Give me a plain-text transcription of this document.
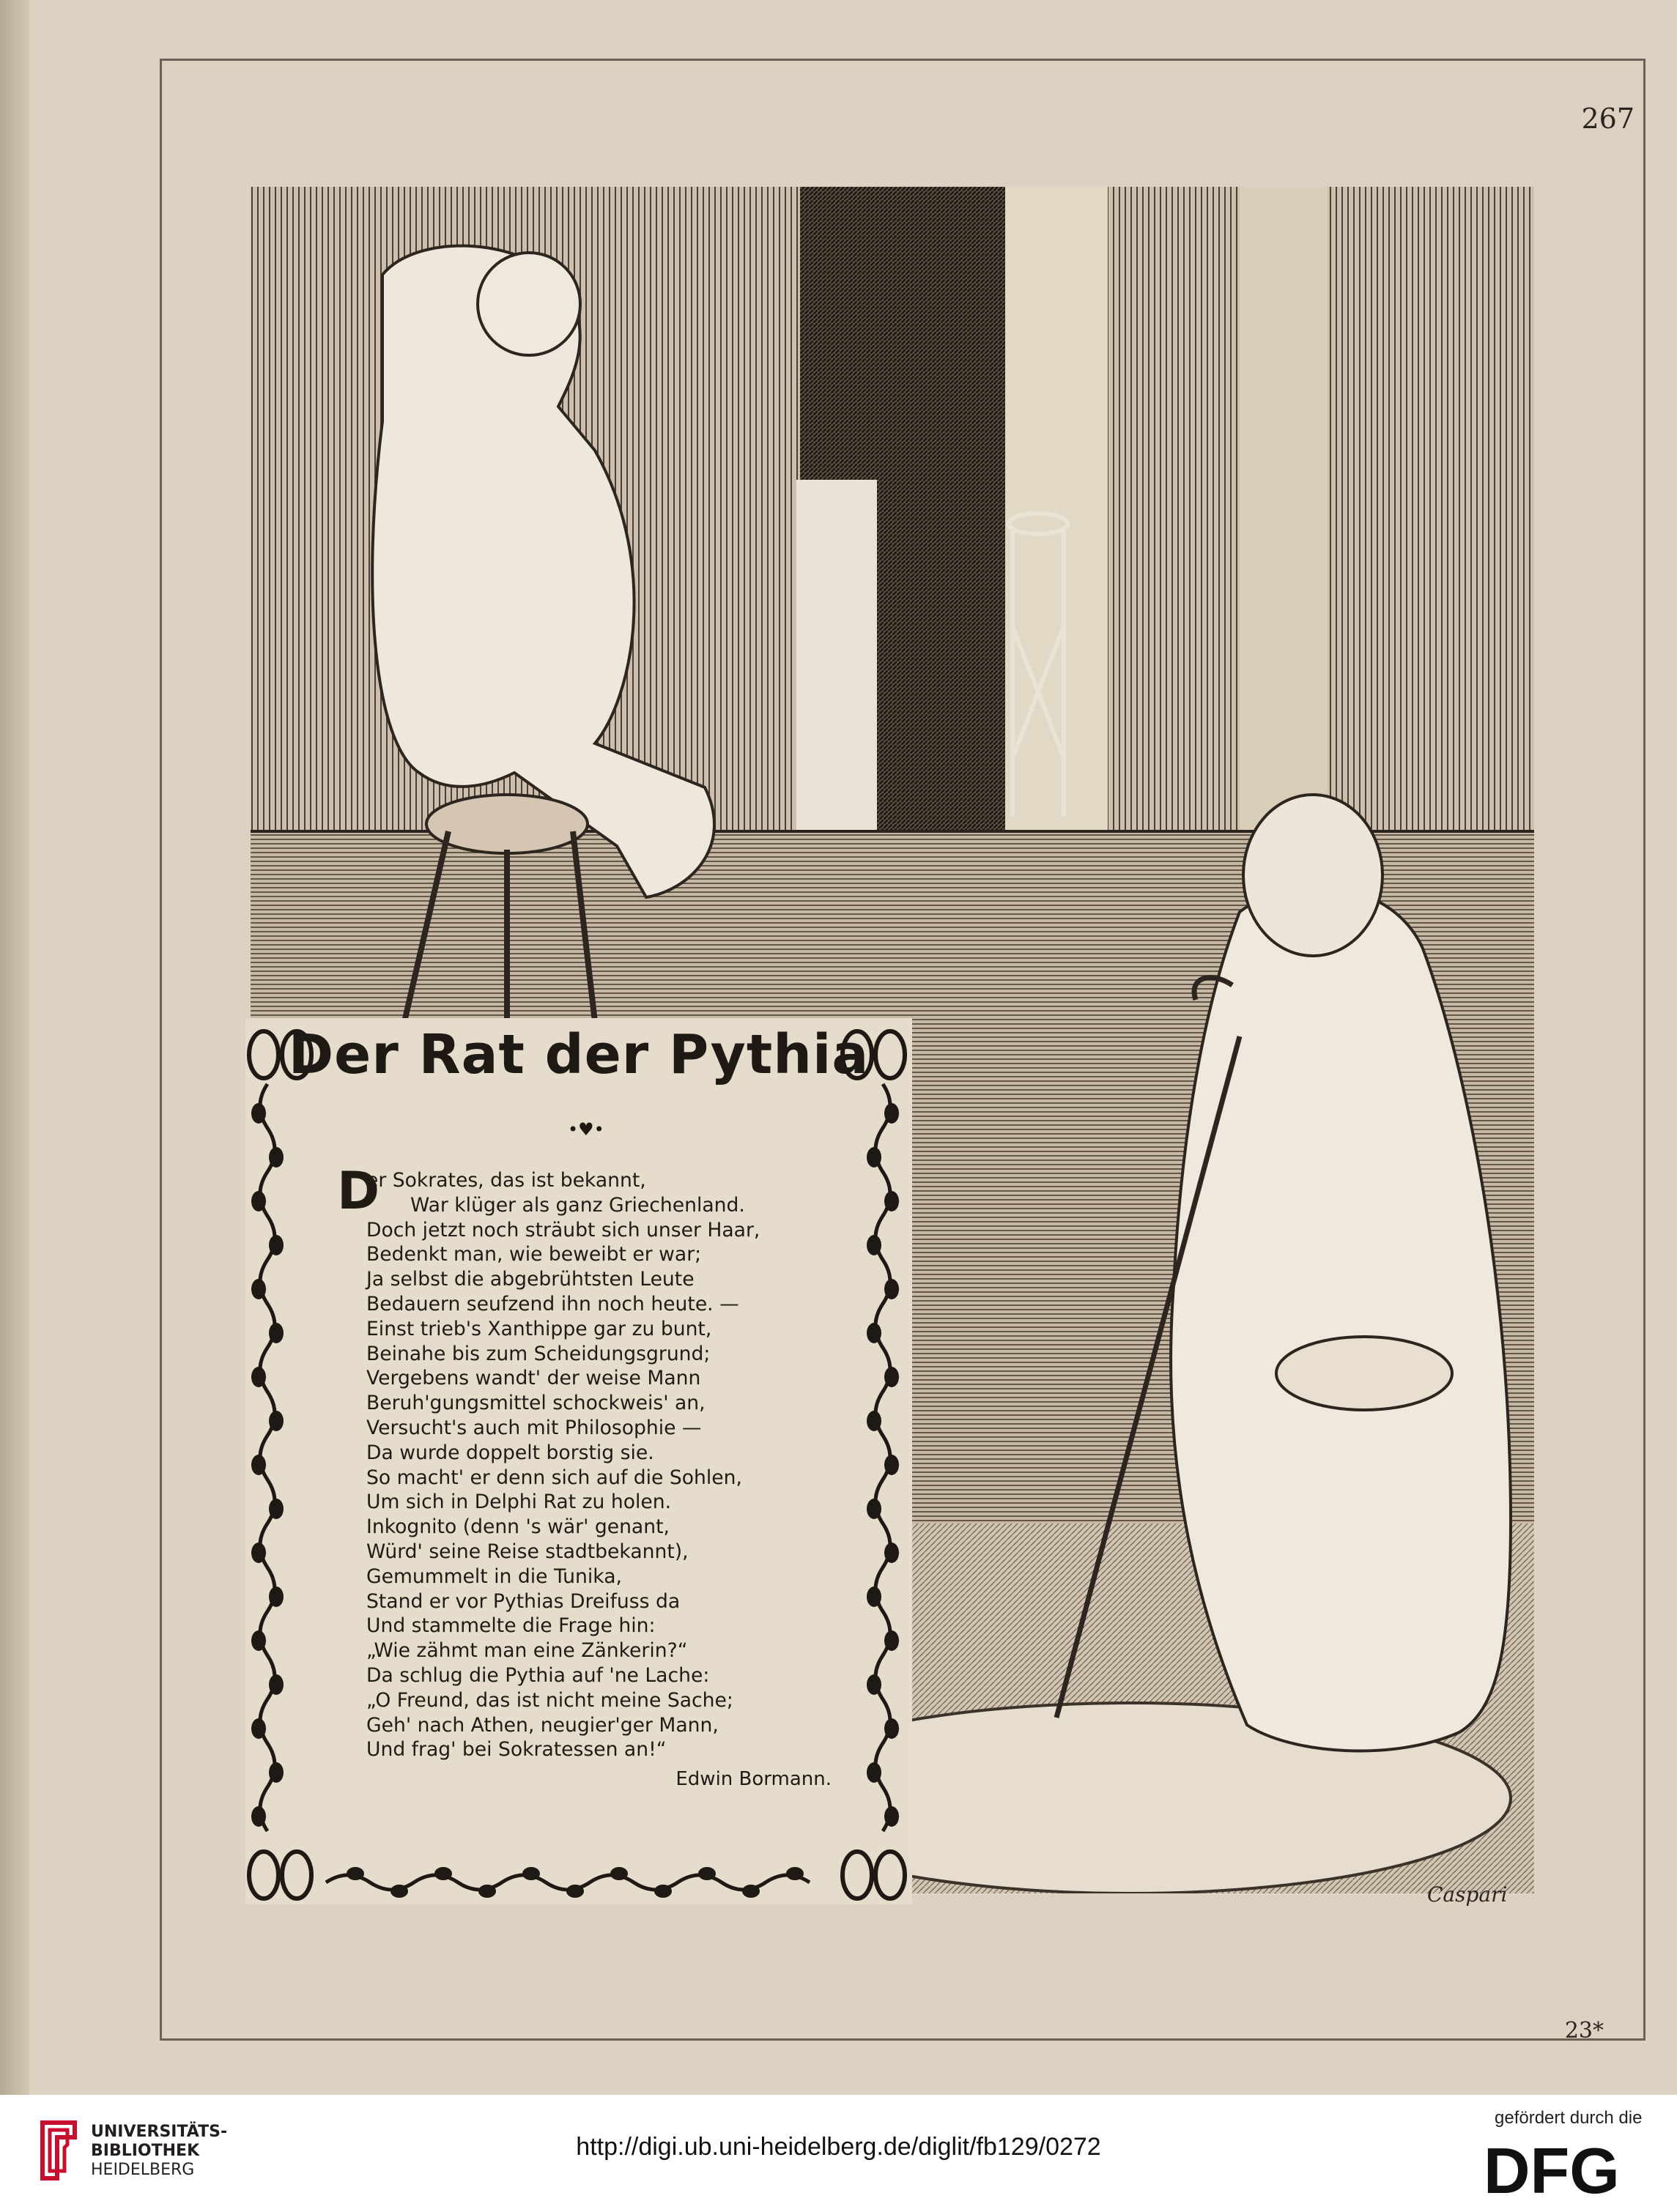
267
Der Rat der Pythia
•♥•
D
er Sokrates, das ist bekannt,
War klüger als ganz Griechenland.
Doch jetzt noch sträubt sich unser Haar,
Bedenkt man, wie beweibt er war;
Ja selbst die abgebrühtsten Leute
Bedauern seufzend ihn noch heute. —
Einst trieb's Xanthippe gar zu bunt,
Beinahe bis zum Scheidungsgrund;
Vergebens wandt' der weise Mann
Beruh'gungsmittel schockweis' an,
Versucht's auch mit Philosophie —
Da wurde doppelt borstig sie.
So macht' er denn sich auf die Sohlen,
Um sich in Delphi Rat zu holen.
Inkognito (denn 's wär' genant,
Würd' seine Reise stadtbekannt),
Gemummelt in die Tunika,
Stand er vor Pythias Dreifuss da
Und stammelte die Frage hin:
„Wie zähmt man eine Zänkerin?“
Da schlug die Pythia auf 'ne Lache:
„O Freund, das ist nicht meine Sache;
Geh' nach Athen, neugier'ger Mann,
Und frag' bei Sokratessen an!“
Edwin Bormann.
Caspari
23*
UNIVERSITÄTS-
BIBLIOTHEK
HEIDELBERG
http://digi.ub.uni-heidelberg.de/diglit/fb129/0272
gefördert durch die
DFG
